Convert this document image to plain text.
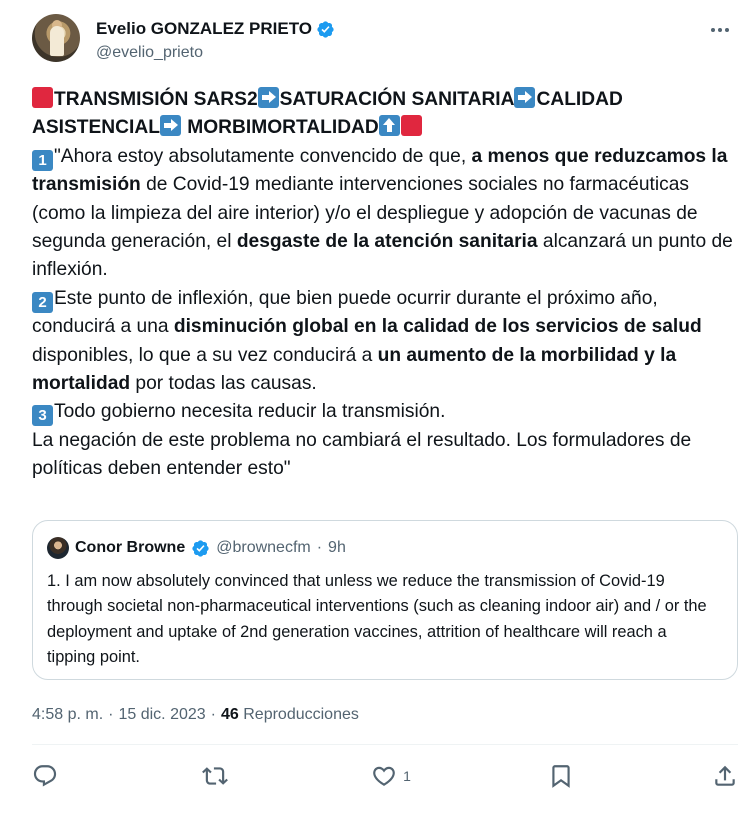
Evelio GONZALEZ PRIETO
@evelio_prieto

TRANSMISIÓN SARS2 SATURACIÓN SANITARIA CALIDAD ASISTENCIAL MORBIMORTALIDAD

1 "Ahora estoy absolutamente convencido de que, a menos que reduzcamos la transmisión de Covid-19 mediante intervenciones sociales no farmacéuticas (como la limpieza del aire interior) y/o el despliegue y adopción de vacunas de segunda generación, el desgaste de la atención sanitaria alcanzará un punto de inflexión.

2 Este punto de inflexión, que bien puede ocurrir durante el próximo año, conducirá a una disminución global en la calidad de los servicios de salud disponibles, lo que a su vez conducirá a un aumento de la morbilidad y la mortalidad por todas las causas.

3 Todo gobierno necesita reducir la transmisión.

La negación de este problema no cambiará el resultado. Los formuladores de políticas deben entender esto"

Conor Browne @brownecfm · 9h
1. I am now absolutely convinced that unless we reduce the transmission of Covid-19 through societal non-pharmaceutical interventions (such as cleaning indoor air) and / or the deployment and uptake of 2nd generation vaccines, attrition of healthcare will reach a tipping point.
4:58 p. m. · 15 dic. 2023 · 46 Reproducciones
1
